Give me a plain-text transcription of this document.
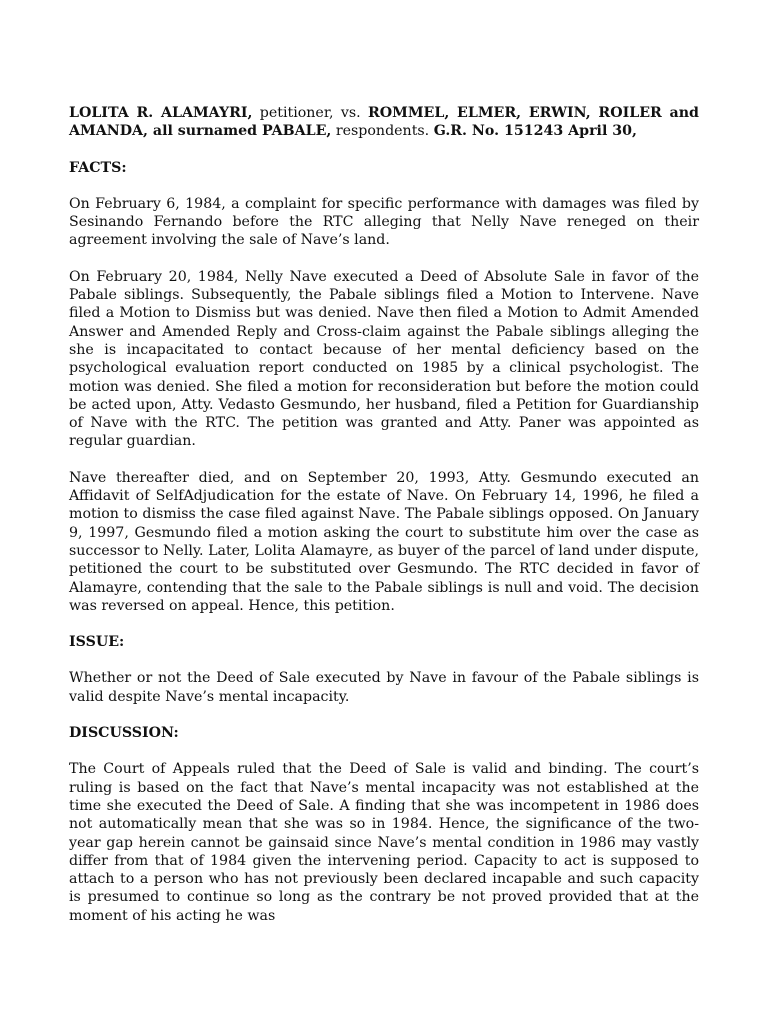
LOLITA R. ALAMAYRI, petitioner, vs. ROMMEL, ELMER, ERWIN, ROILER and AMANDA, all surnamed PABALE, respondents. G.R. No. 151243 April 30,

FACTS:

On February 6, 1984, a complaint for specific performance with damages was filed by Sesinando Fernando before the RTC alleging that Nelly Nave reneged on their agreement involving the sale of Nave’s land.

On February 20, 1984, Nelly Nave executed a Deed of Absolute Sale in favor of the Pabale siblings. Subsequently, the Pabale siblings filed a Motion to Intervene. Nave filed a Motion to Dismiss but was denied. Nave then filed a Motion to Admit Amended Answer and Amended Reply and Cross-claim against the Pabale siblings alleging the she is incapacitated to contact because of her mental deficiency based on the psychological evaluation report conducted on 1985 by a clinical psychologist. The motion was denied. She filed a motion for reconsideration but before the motion could be acted upon, Atty. Vedasto Gesmundo, her husband, filed a Petition for Guardianship of Nave with the RTC. The petition was granted and Atty. Paner was appointed as regular guardian.

Nave thereafter died, and on September 20, 1993, Atty. Gesmundo executed an Affidavit of SelfAdjudication for the estate of Nave. On February 14, 1996, he filed a motion to dismiss the case filed against Nave. The Pabale siblings opposed. On January 9, 1997, Gesmundo filed a motion asking the court to substitute him over the case as successor to Nelly. Later, Lolita Alamayre, as buyer of the parcel of land under dispute, petitioned the court to be substituted over Gesmundo. The RTC decided in favor of Alamayre, contending that the sale to the Pabale siblings is null and void. The decision was reversed on appeal. Hence, this petition.

ISSUE:

Whether or not the Deed of Sale executed by Nave in favour of the Pabale siblings is valid despite Nave’s mental incapacity.

DISCUSSION:

The Court of Appeals ruled that the Deed of Sale is valid and binding. The court’s ruling is based on the fact that Nave’s mental incapacity was not established at the time she executed the Deed of Sale. A finding that she was incompetent in 1986 does not automatically mean that she was so in 1984. Hence, the significance of the two-year gap herein cannot be gainsaid since Nave’s mental condition in 1986 may vastly differ from that of 1984 given the intervening period. Capacity to act is supposed to attach to a person who has not previously been declared incapable and such capacity is presumed to continue so long as the contrary be not proved provided that at the moment of his acting he was
